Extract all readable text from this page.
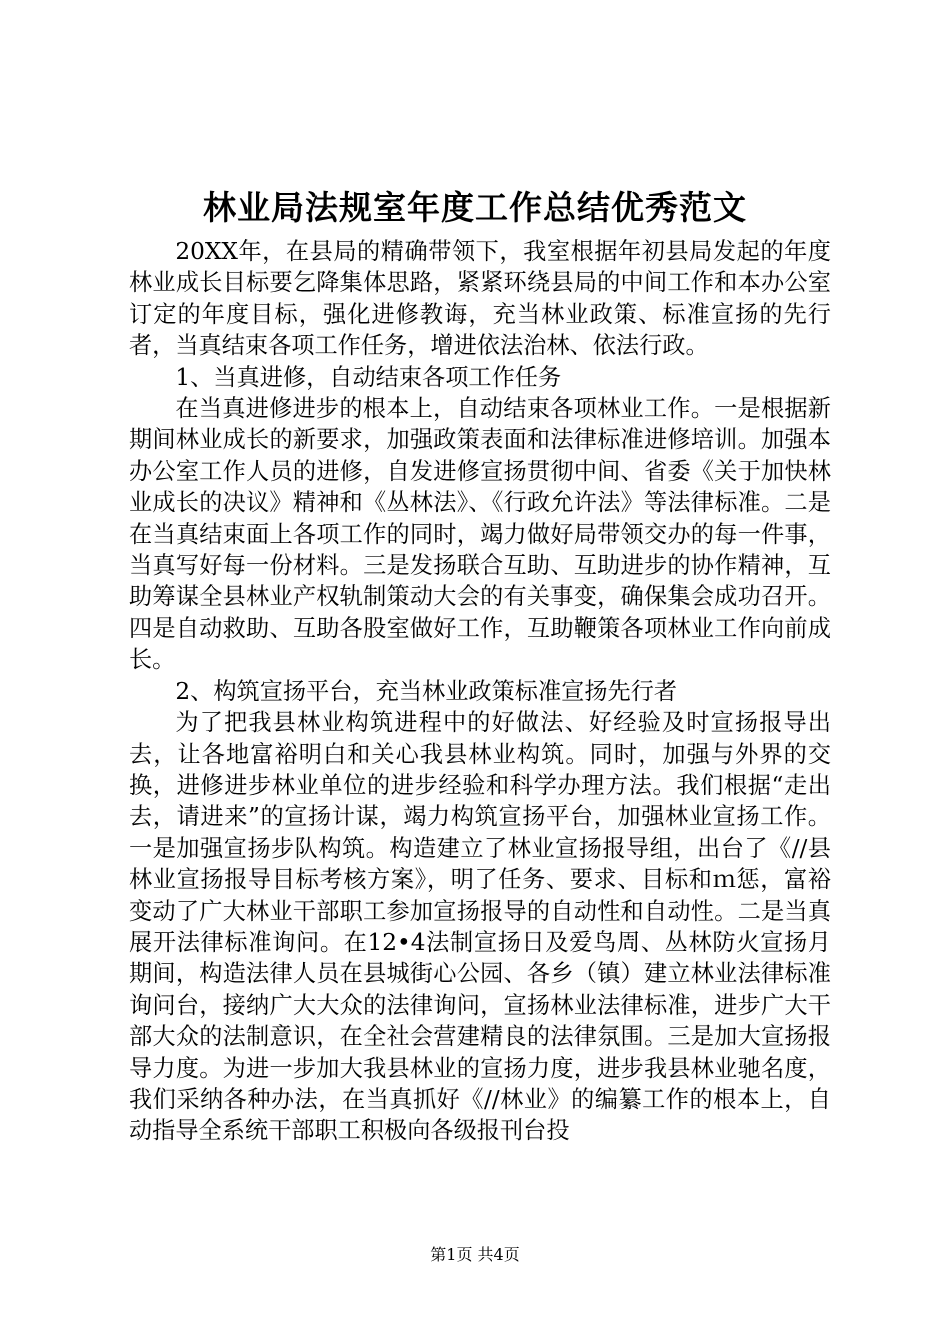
林业局法规室年度工作总结优秀范文

20XX年，在县局的精确带领下，我室根据年初县局发起的年度林业成长目标要乞降集体思路，紧紧环绕县局的中间工作和本办公室订定的年度目标，强化进修教诲，充当林业政策、标准宣扬的先行者，当真结束各项工作任务，增进依法治林、依法行政。

1、当真进修，自动结束各项工作任务

在当真进修进步的根本上，自动结束各项林业工作。一是根据新期间林业成长的新要求，加强政策表面和法律标准进修培训。加强本办公室工作人员的进修，自发进修宣扬贯彻中间、省委《关于加快林业成长的决议》精神和《丛林法》、《行政允许法》等法律标准。二是在当真结束面上各项工作的同时，竭力做好局带领交办的每一件事，当真写好每一份材料。三是发扬联合互助、互助进步的协作精神，互助筹谋全县林业产权轨制策动大会的有关事变，确保集会成功召开。四是自动救助、互助各股室做好工作，互助鞭策各项林业工作向前成长。

2、构筑宣扬平台，充当林业政策标准宣扬先行者

为了把我县林业构筑进程中的好做法、好经验及时宣扬报导出去，让各地富裕明白和关心我县林业构筑。同时，加强与外界的交换，进修进步林业单位的进步经验和科学办理方法。我们根据“走出去，请进来”的宣扬计谋，竭力构筑宣扬平台，加强林业宣扬工作。一是加强宣扬步队构筑。构造建立了林业宣扬报导组，出台了《//县林业宣扬报导目标考核方案》，明了任务、要求、目标和ｍ惩，富裕变动了广大林业干部职工参加宣扬报导的自动性和自动性。二是当真展开法律标准询问。在12•4法制宣扬日及爱鸟周、丛林防火宣扬月期间，构造法律人员在县城街心公园、各乡（镇）建立林业法律标准询问台，接纳广大大众的法律询问，宣扬林业法律标准，进步广大干部大众的法制意识，在全社会营建精良的法律氛围。三是加大宣扬报导力度。为进一步加大我县林业的宣扬力度，进步我县林业驰名度，我们采纳各种办法，在当真抓好《//林业》的编纂工作的根本上，自动指导全系统干部职工积极向各级报刊台投

第1页 共4页
